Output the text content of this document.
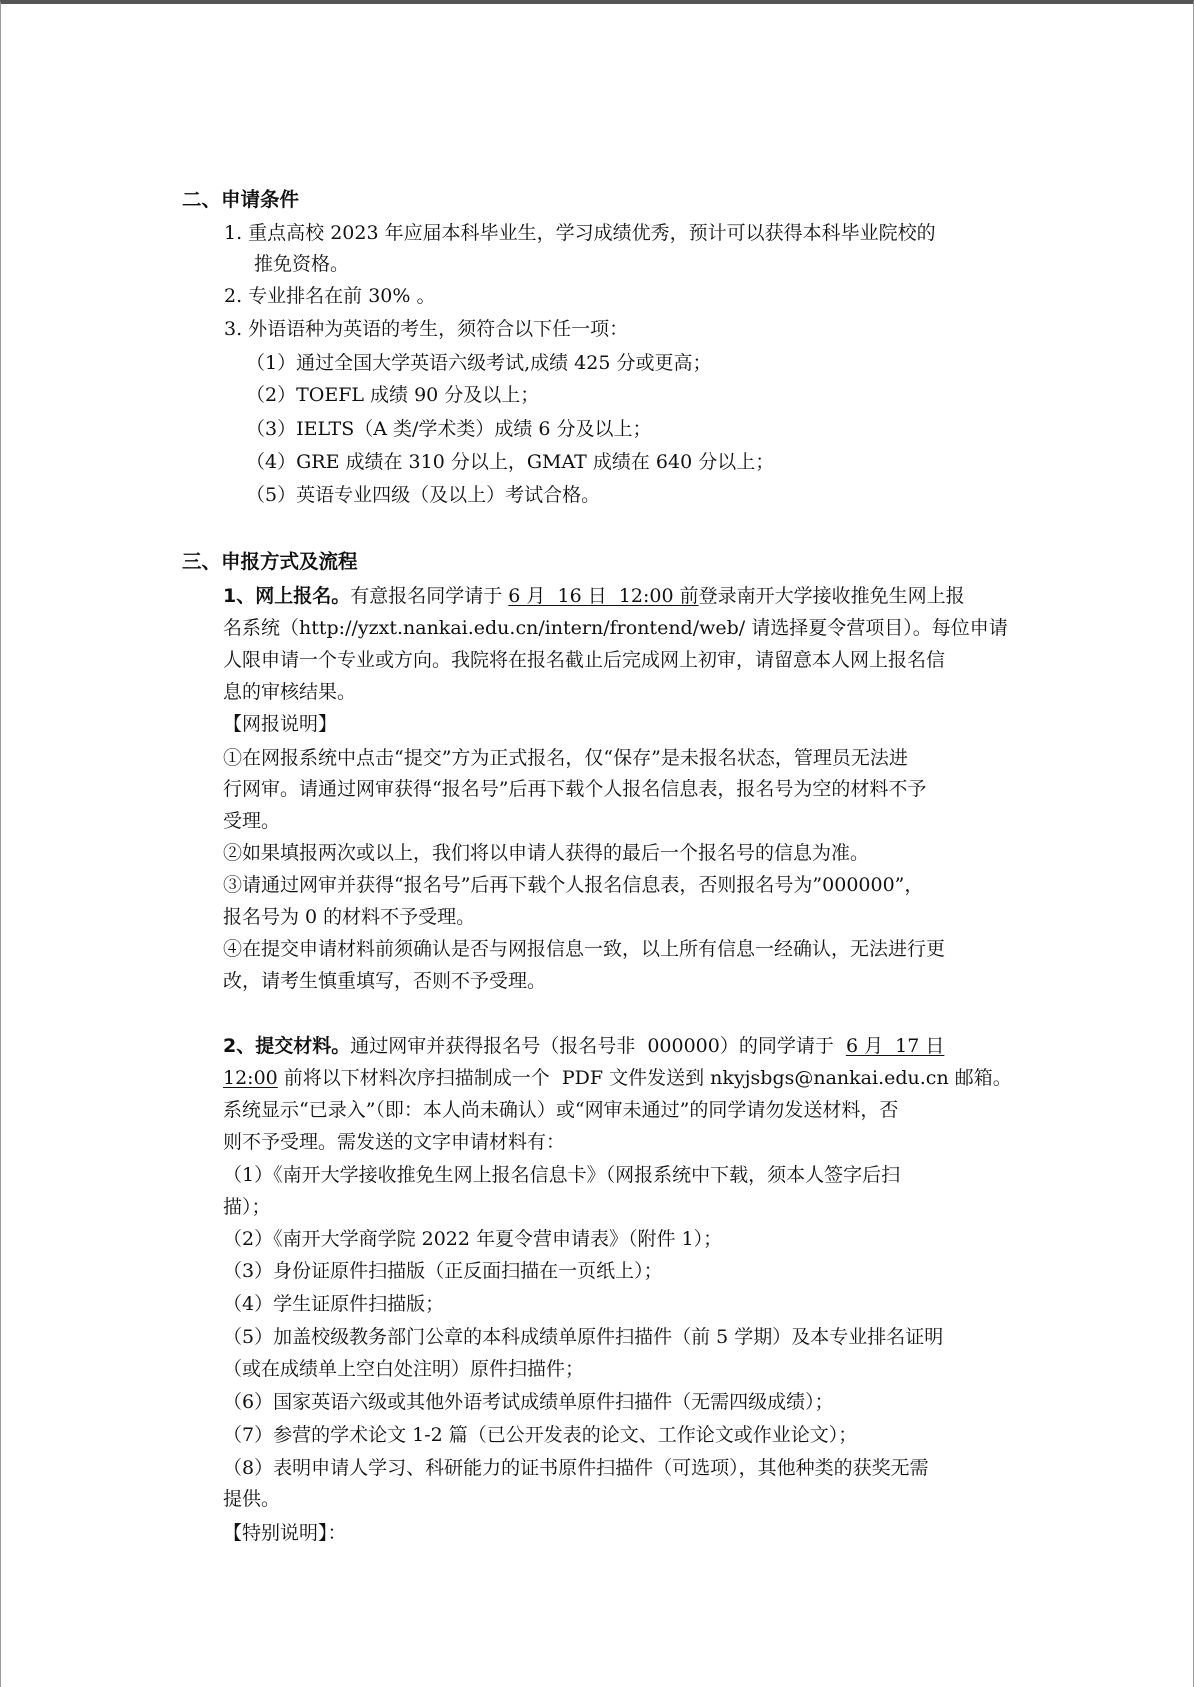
二、申请条件
1. 重点高校 2023 年应届本科毕业生，学习成绩优秀，预计可以获得本科毕业院校的
推免资格。
2. 专业排名在前 30% 。
3. 外语语种为英语的考生，须符合以下任一项：
（1）通过全国大学英语六级考试,成绩 425 分或更高；
（2）TOEFL 成绩 90 分及以上；
（3）IELTS（A 类/学术类）成绩 6 分及以上；
（4）GRE 成绩在 310 分以上，GMAT 成绩在 640 分以上；
（5）英语专业四级（及以上）考试合格。
三、申报方式及流程
1、网上报名。有意报名同学请于 6 月  16 日  12:00 前登录南开大学接收推免生网上报
名系统（http://yzxt.nankai.edu.cn/intern/frontend/web/ 请选择夏令营项目）。每位申请
人限申请一个专业或方向。我院将在报名截止后完成网上初审，请留意本人网上报名信
息的审核结果。
【网报说明】
①在网报系统中点击“提交”方为正式报名，仅“保存”是未报名状态，管理员无法进
行网审。请通过网审获得“报名号”后再下载个人报名信息表，报名号为空的材料不予
受理。
②如果填报两次或以上，我们将以申请人获得的最后一个报名号的信息为准。
③请通过网审并获得“报名号”后再下载个人报名信息表，否则报名号为”000000”，
报名号为 0 的材料不予受理。
④在提交申请材料前须确认是否与网报信息一致，以上所有信息一经确认，无法进行更
改，请考生慎重填写，否则不予受理。
2、提交材料。通过网审并获得报名号（报名号非  000000）的同学请于  6 月  17 日
12:00 前将以下材料次序扫描制成一个  PDF 文件发送到 nkyjsbgs@nankai.edu.cn 邮箱。
系统显示“已录入”（即：本人尚未确认）或“网审未通过”的同学请勿发送材料，否
则不予受理。需发送的文字申请材料有：
（1）《南开大学接收推免生网上报名信息卡》（网报系统中下载，须本人签字后扫
描）；
（2）《南开大学商学院 2022 年夏令营申请表》（附件 1）；
（3）身份证原件扫描版（正反面扫描在一页纸上）；
（4）学生证原件扫描版；
（5）加盖校级教务部门公章的本科成绩单原件扫描件（前 5 学期）及本专业排名证明
（或在成绩单上空白处注明）原件扫描件；
（6）国家英语六级或其他外语考试成绩单原件扫描件（无需四级成绩）；
（7）参营的学术论文 1-2 篇（已公开发表的论文、工作论文或作业论文）；
（8）表明申请人学习、科研能力的证书原件扫描件（可选项），其他种类的获奖无需
提供。
【特别说明】：
